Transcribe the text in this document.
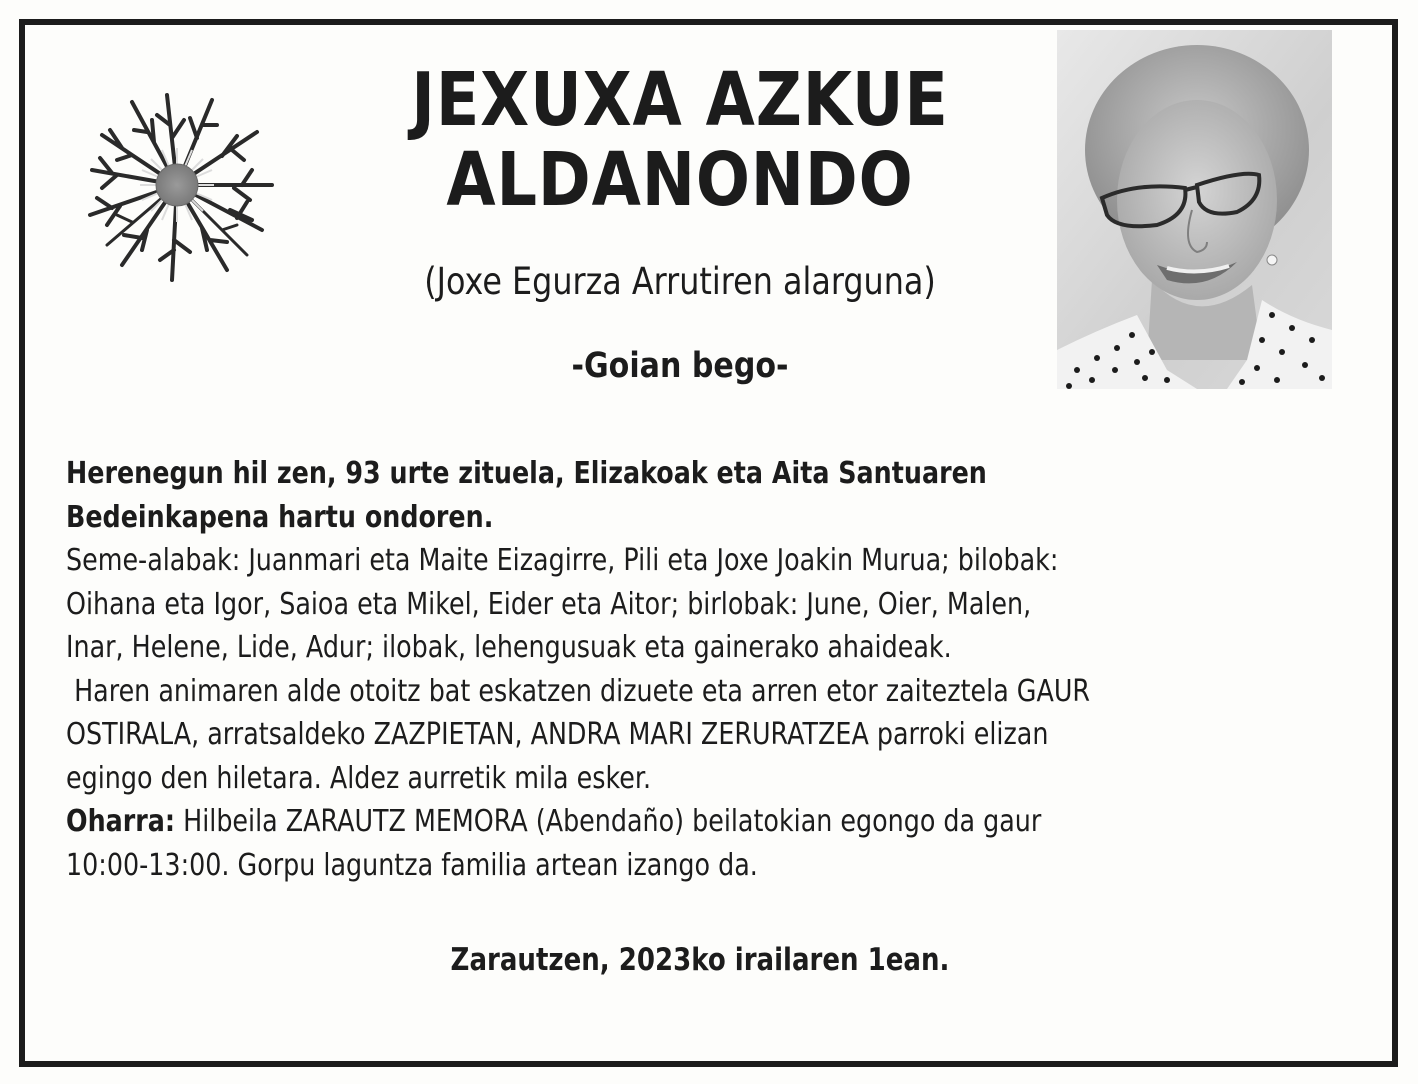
JEXUXA AZKUE
ALDANONDO
(Joxe Egurza Arrutiren alarguna)
-Goian bego-

Herenegun hil zen, 93 urte zituela, Elizakoak eta Aita Santuaren

Bedeinkapena hartu ondoren.

Seme-alabak: Juanmari eta Maite Eizagirre, Pili eta Joxe Joakin Murua; bilobak:

Oihana eta Igor, Saioa eta Mikel, Eider eta Aitor; birlobak: June, Oier, Malen,

Inar, Helene, Lide, Adur; ilobak, lehengusuak eta gainerako ahaideak.

Haren animaren alde otoitz bat eskatzen dizuete eta arren etor zaiteztela GAUR

OSTIRALA, arratsaldeko ZAZPIETAN, ANDRA MARI ZERURATZEA parroki elizan

egingo den hiletara. Aldez aurretik mila esker.

Oharra: Hilbeila ZARAUTZ MEMORA (Abendaño) beilatokian egongo da gaur

10:00-13:00. Gorpu laguntza familia artean izango da.

Zarautzen, 2023ko irailaren 1ean.
